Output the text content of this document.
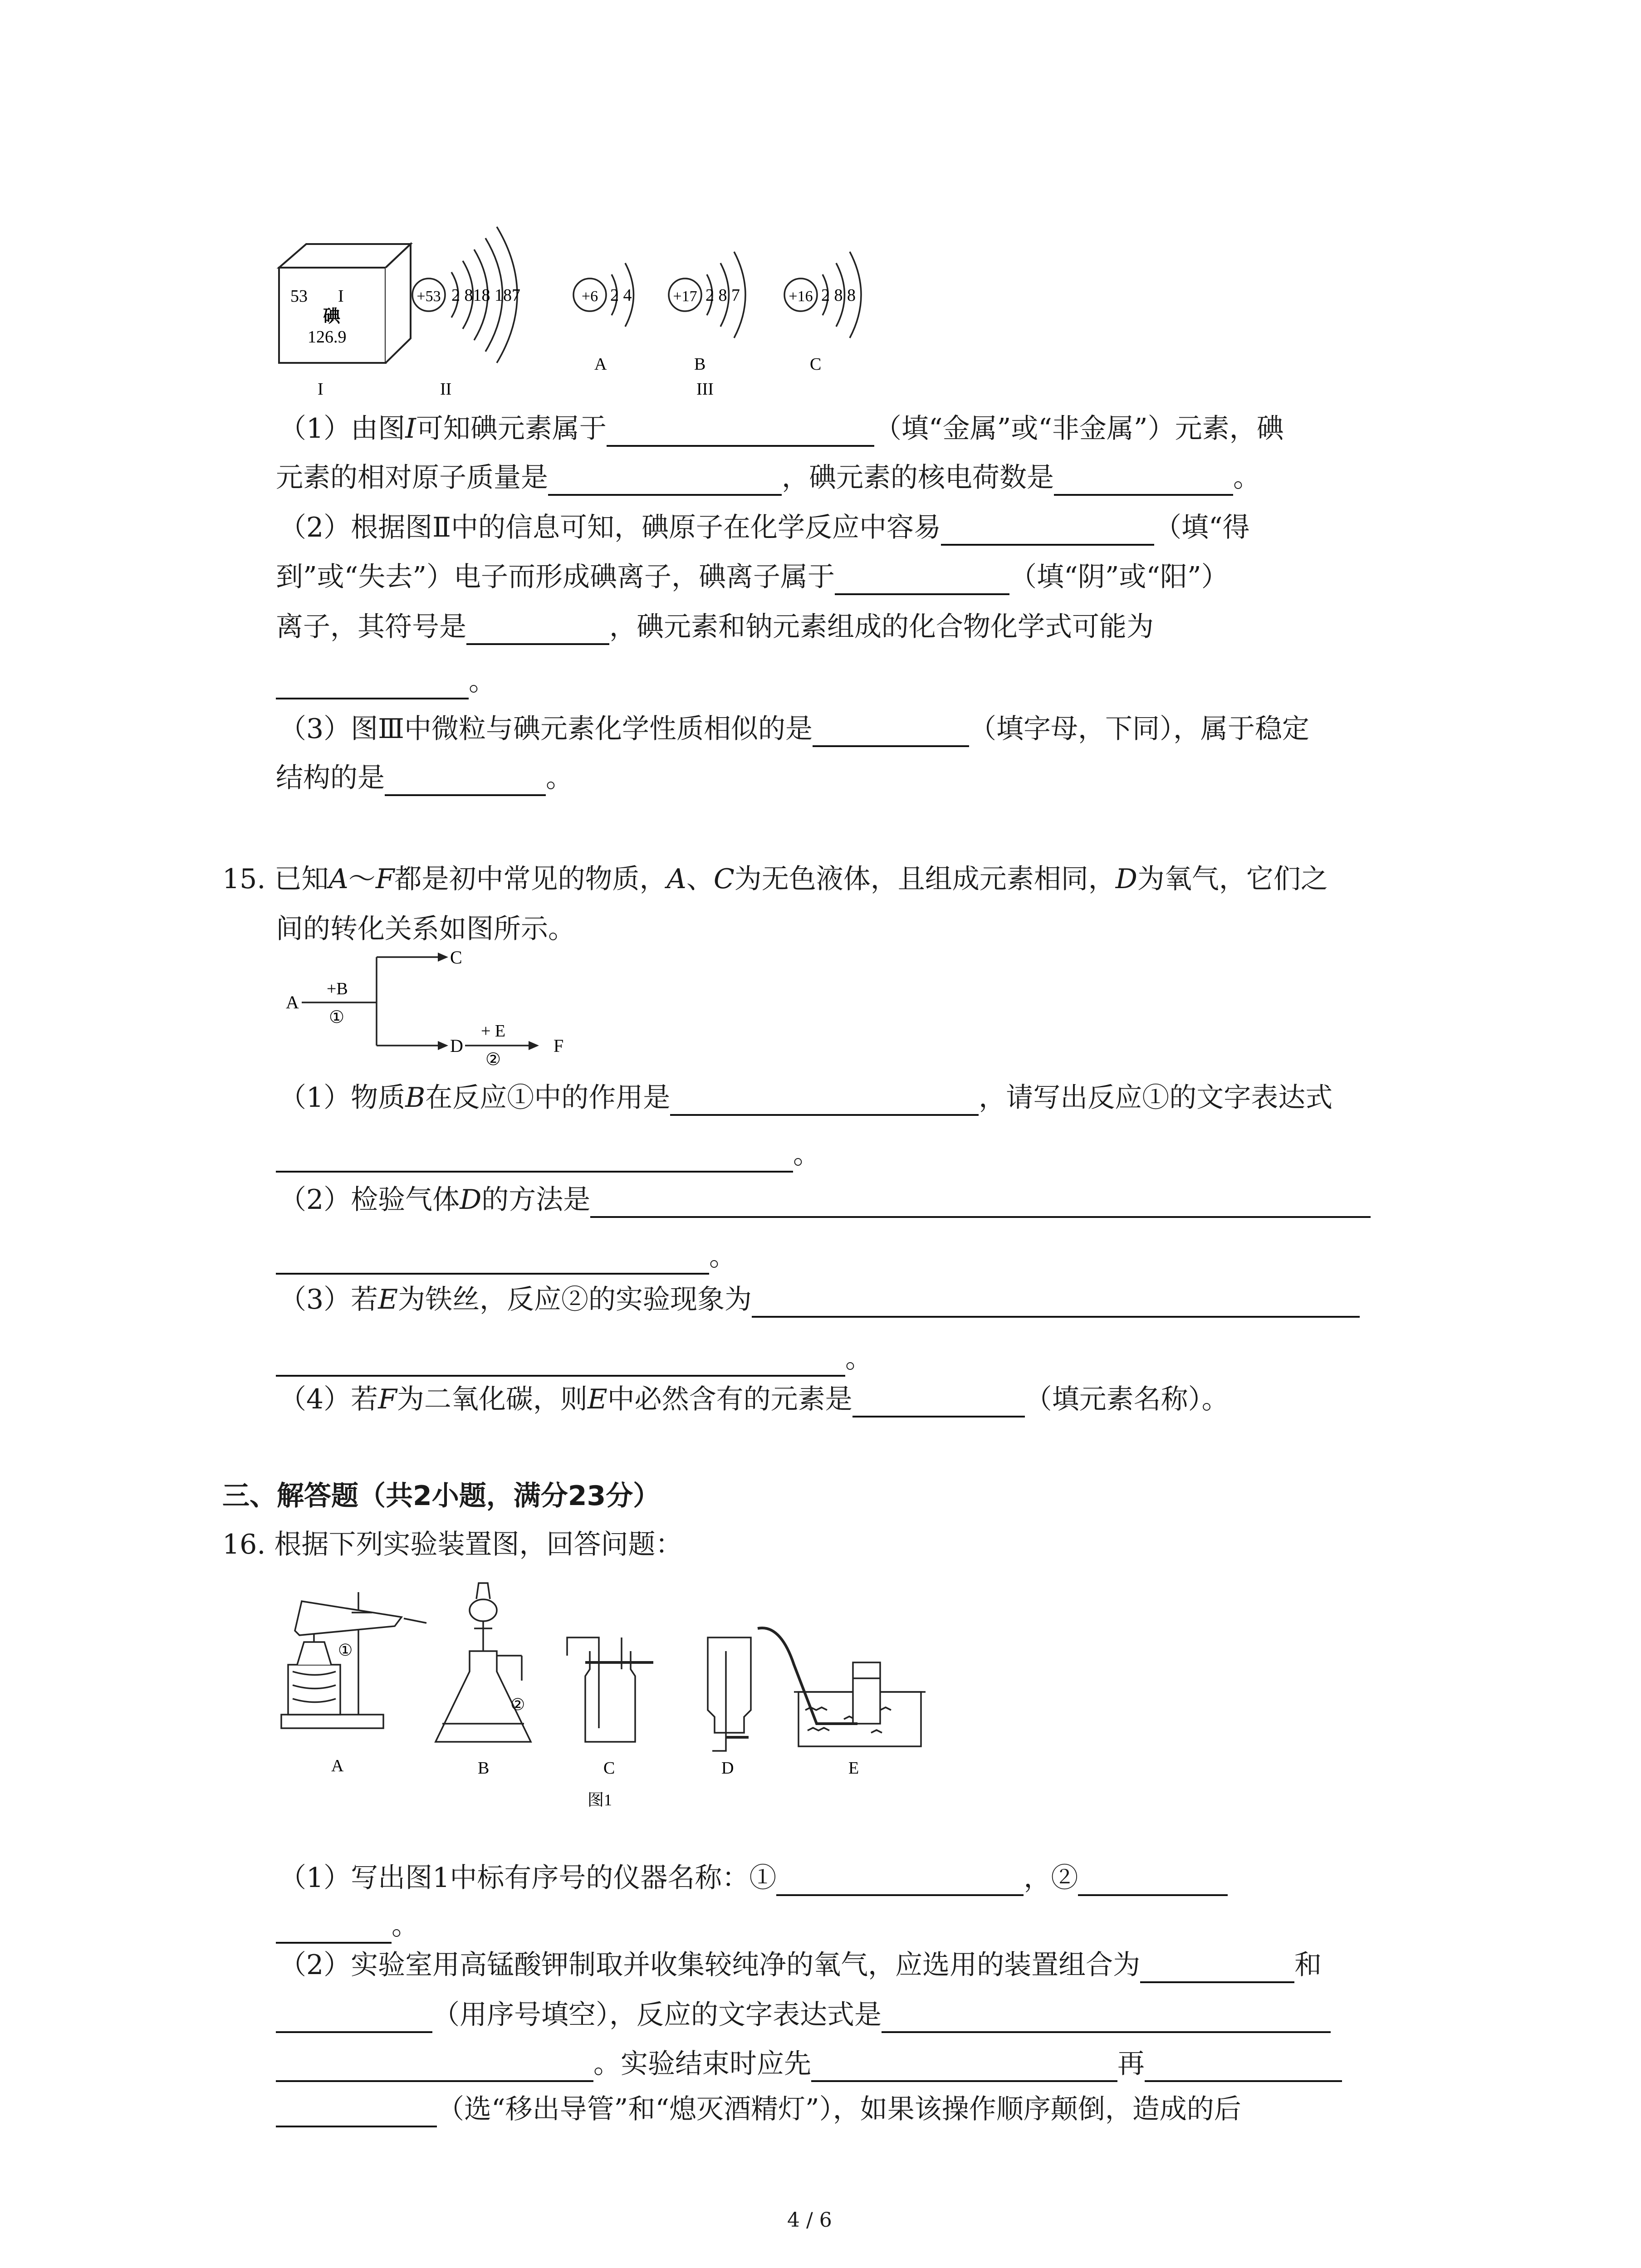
53 I
碘
126.9
I
+53 2 818 187
II
+6 2 4
A
+17 2 8 7
B
III
+16 2 8 8
C
（1）由图I可知碘元素属于	（填“金属”或“非金属”）元素，碘
元素的相对原子质量是	，碘元素的核电荷数是	。
（2）根据图Ⅱ中的信息可知，碘原子在化学反应中容易	（填“得
到”或“失去”）电子而形成碘离子，碘离子属于	（填“阴”或“阳”）
离子，其符号是	，碘元素和钠元素组成的化合物化学式可能为
。
（3）图Ⅲ中微粒与碘元素化学性质相似的是	（填字母，下同），属于稳定
结构的是	。
15. 已知A～F都是初中常见的物质，A、C为无色液体，且组成元素相同，D为氧气，它们之
间的转化关系如图所示。
A
+B
①
C
D
+ E
②
F
（1）物质B在反应①中的作用是	，请写出反应①的文字表达式
。
（2）检验气体D的方法是
。
（3）若E为铁丝，反应②的实验现象为
。
（4）若F为二氧化碳，则E中必然含有的元素是	（填元素名称）。
三、解答题（共2小题，满分23分）
16. 根据下列实验装置图，回答问题：
①
A
②
B	C	D	E
图1
（1）写出图1中标有序号的仪器名称：①	，②
。
（2）实验室用高锰酸钾制取并收集较纯净的氧气，应选用的装置组合为	和
（用序号填空），反应的文字表达式是
。实验结束时应先	再
（选“移出导管”和“熄灭酒精灯”），如果该操作顺序颠倒，造成的后
4 / 6
